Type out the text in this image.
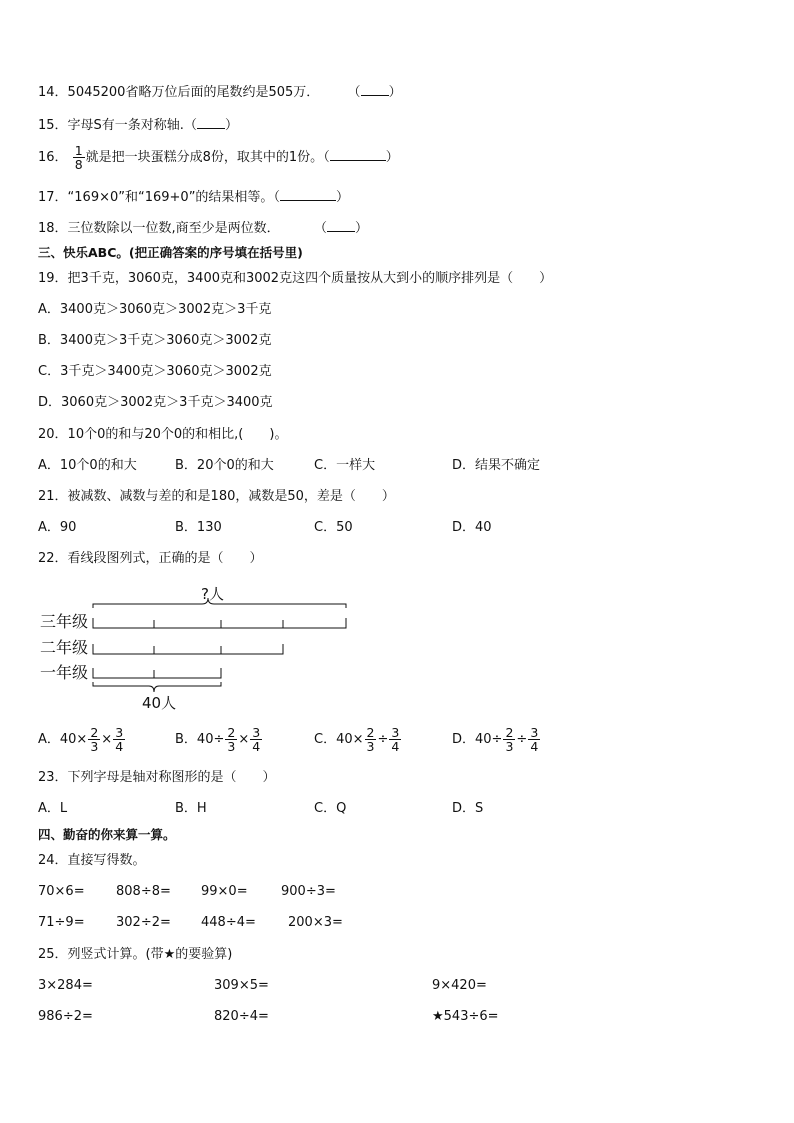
14．5045200省略万位后面的尾数约是505万． （ ）
15．字母S有一条对称轴.（ ）
16． $\frac{1}{8}$ 就是把一块蛋糕分成8份，取其中的1份。（	）
17．“169×0”和“169+0”的结果相等。（	）
18．三位数除以一位数,商至少是两位数．	（ ）
三、快乐ABC。(把正确答案的序号填在括号里)
19．把3千克，3060克，3400克和3002克这四个质量按从大到小的顺序排列是（　　）
A．3400克＞3060克＞3002克＞3千克
B．3400克＞3千克＞3060克＞3002克
C．3千克＞3400克＞3060克＞3002克
D．3060克＞3002克＞3千克＞3400克
20．10个0的和与20个0的和相比,(　　)。
A．10个0的和大	B．20个0的和大	C．一样大	D．结果不确定
21．被减数、减数与差的和是180，减数是50，差是（　　）
A．90	B．130	C．50	D．40
22．看线段图列式，正确的是（　　）
?人
三年级
二年级
一年级
40人
A．$40\times \frac{2}{3} \times \frac{3}{4}$	B．$40\div \frac{2}{3} \times \frac{3}{4}$	C．$40\times \frac{2}{3} \div \frac{3}{4}$	D．$40\div \frac{2}{3} \div \frac{3}{4}$
23．下列字母是轴对称图形的是（　　）
A．L	B．H	C．Q	D．S
四、勤奋的你来算一算。
24．直接写得数。
70×6= 808÷8= 99×0=	900÷3=
71÷9= 302÷2= 448÷4= 200×3=
25．列竖式计算。(带★的要验算)
3×284=	309×5=	9×420=
986÷2=	820÷4=	★543÷6=
